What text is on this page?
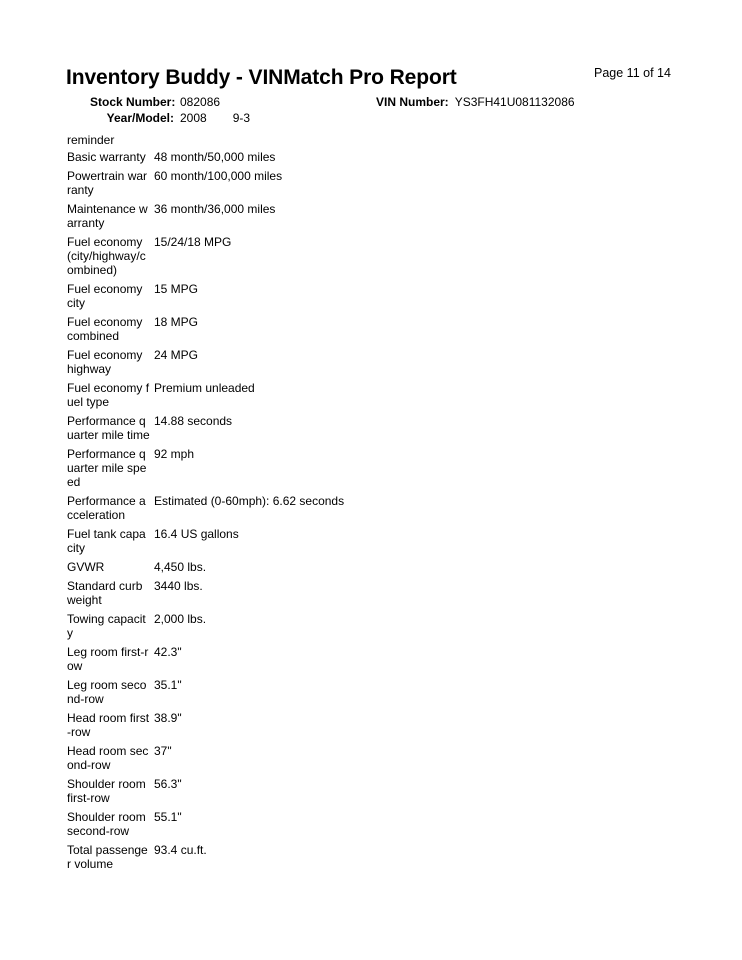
Page 11 of 14
Inventory Buddy - VINMatch Pro Report
Stock Number: 082086
Year/Model: 2008 9-3
VIN Number: YS3FH41U081132086
reminder
Basic warranty 48 month/50,000 miles
Powertrain warranty
60 month/100,000 miles
Maintenance warranty
36 month/36,000 miles
Fuel economy (city/highway/combined)
15/24/18 MPG
Fuel economy city
15 MPG
Fuel economy combined
18 MPG
Fuel economy highway
24 MPG
Fuel economy fuel type
Premium unleaded
Performance quarter mile time
14.88 seconds
Performance quarter mile speed
92 mph
Performance acceleration
Estimated (0-60mph): 6.62 seconds
Fuel tank capacity
16.4 US gallons
GVWR	4,450 lbs.
Standard curb weight
3440 lbs.
Towing capacity
2,000 lbs.
Leg room first-row
42.3"
Leg room second-row
35.1"
Head room first-row
38.9"
Head room second-row
37"
Shoulder room first-row
56.3"
Shoulder room second-row
55.1"
Total passenger volume
93.4 cu.ft.
